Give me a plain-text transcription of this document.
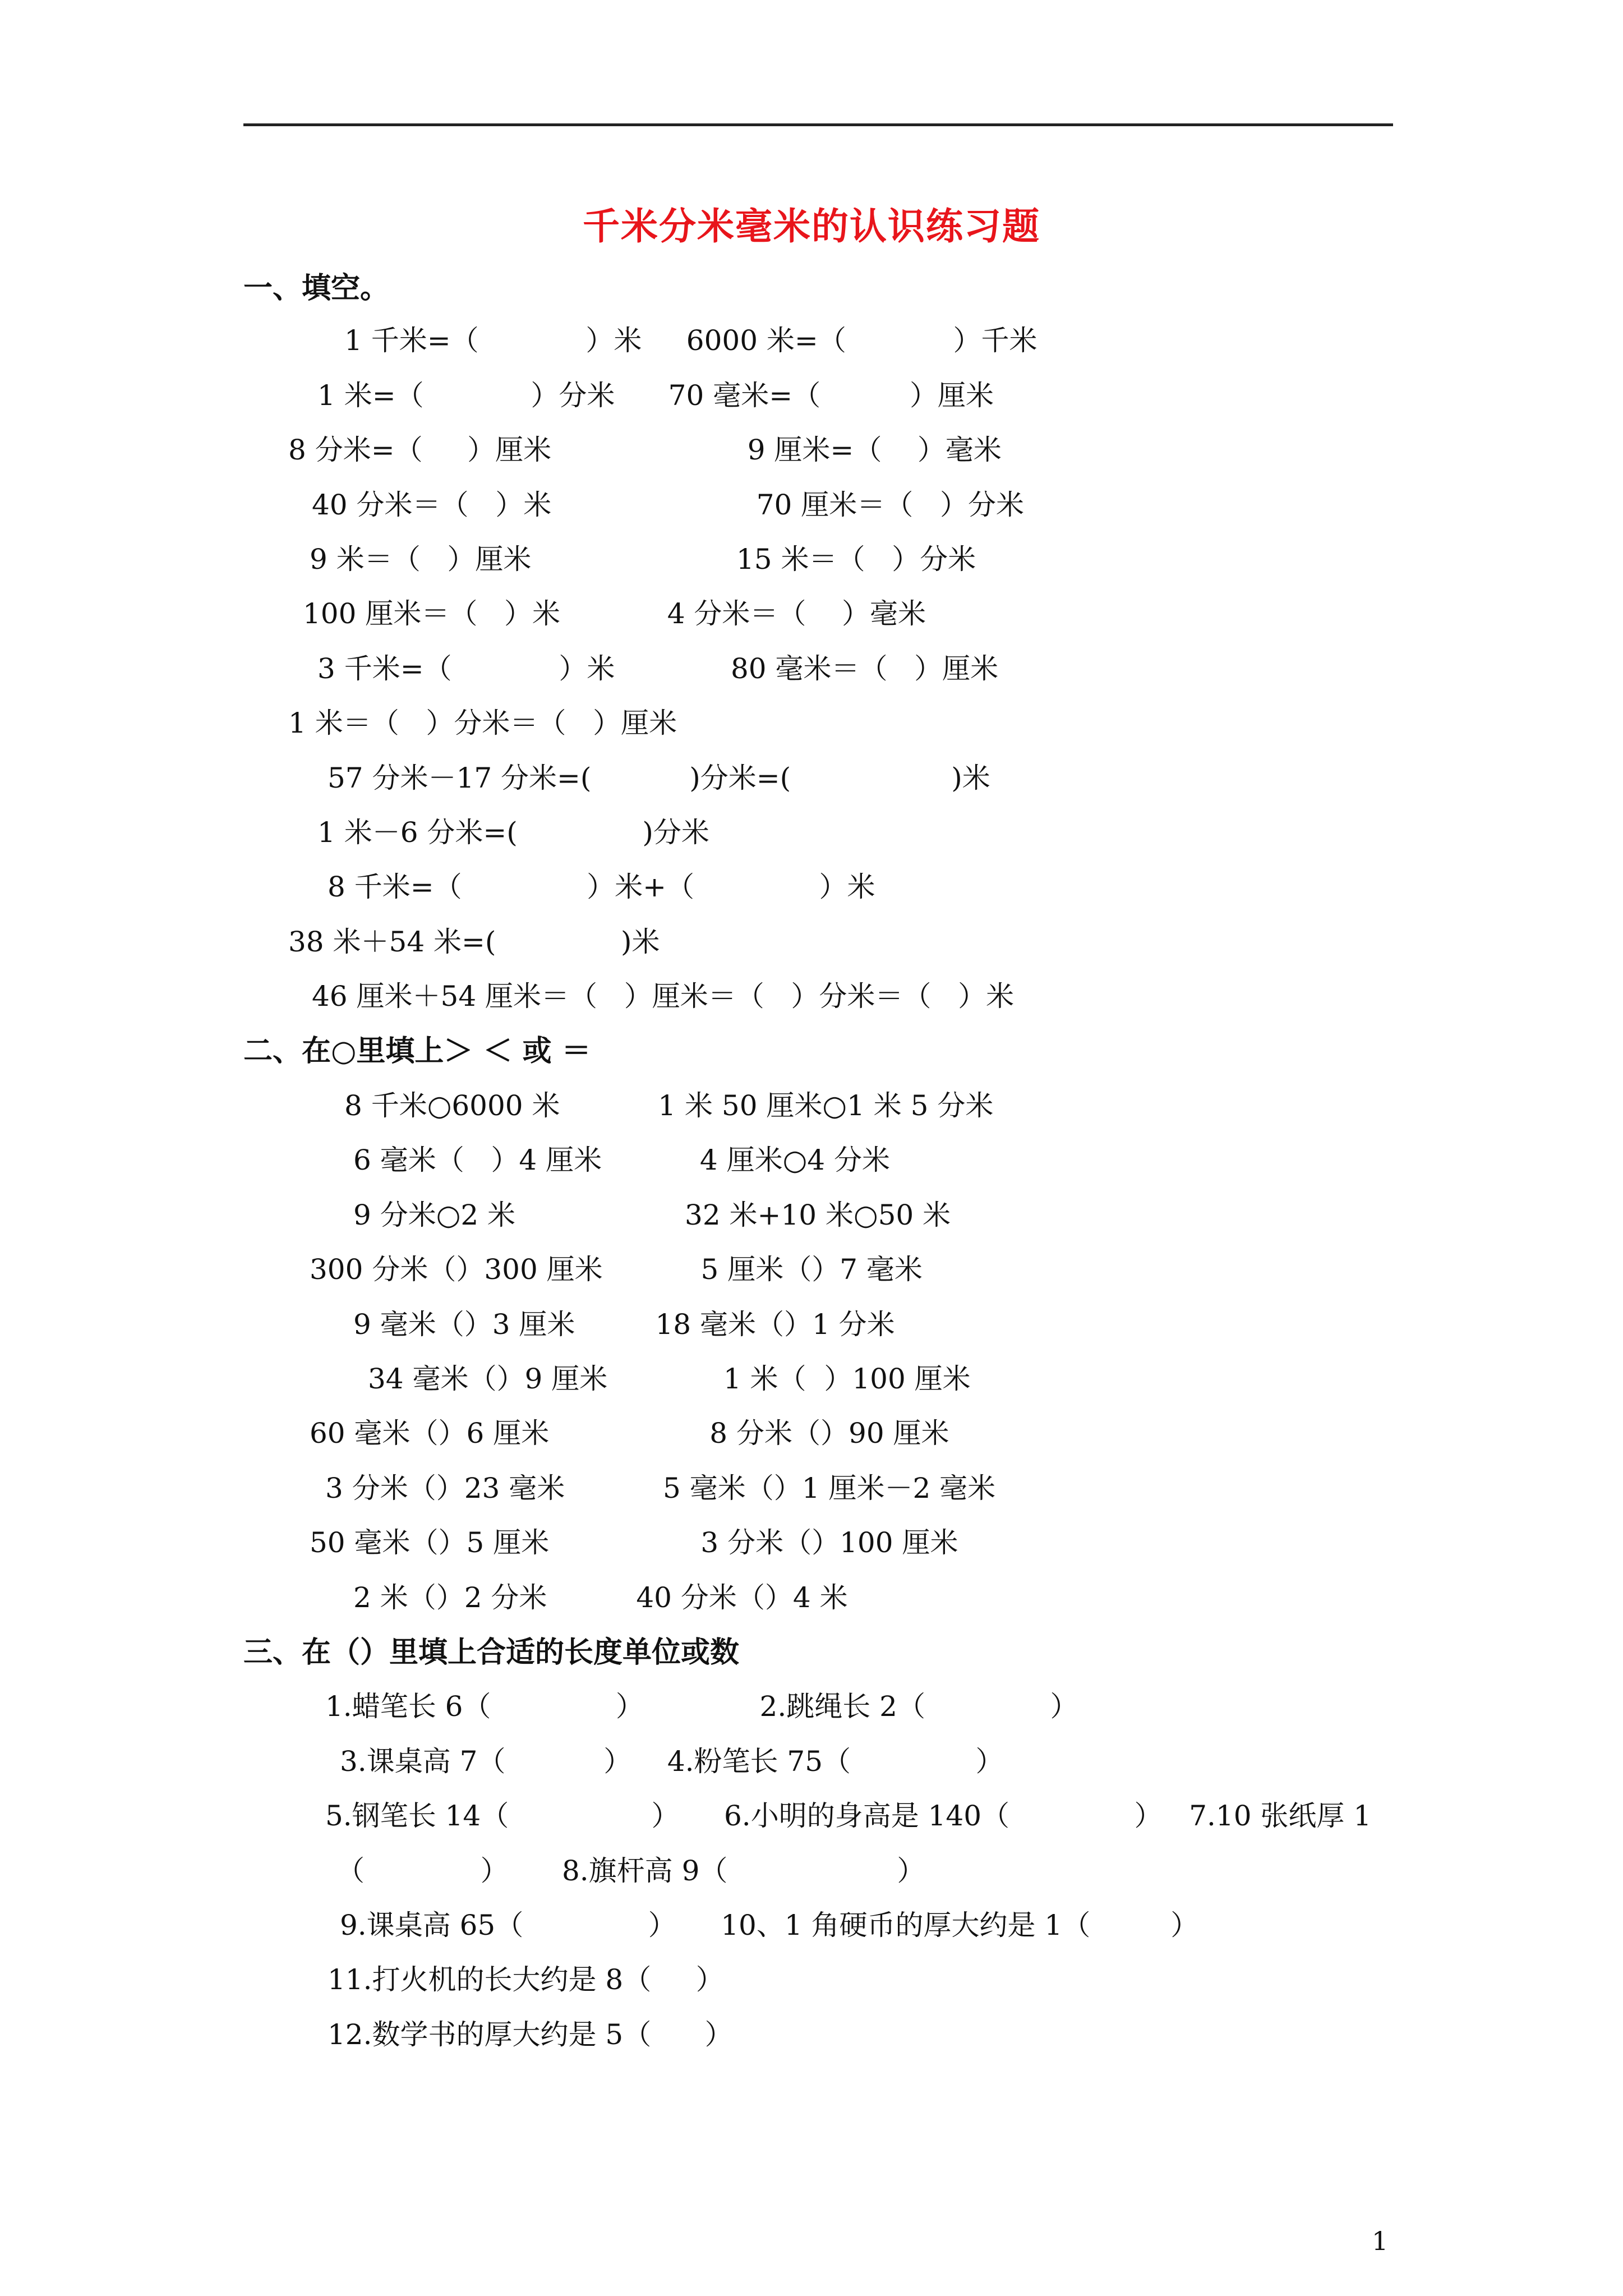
千米分米毫米的认识练习题
一、填空。
1 千米=（            ）米     6000 米=（            ）千米
1 米=（            ）分米      70 毫米=（          ）厘米
8 分米=（     ）厘米                      9 厘米=（    ）毫米
40 分米＝（   ）米                       70 厘米＝（   ）分米
9 米＝（   ）厘米                       15 米＝（   ）分米
100 厘米＝（   ）米            4 分米＝（    ）毫米
3 千米=（            ）米             80 毫米＝（   ）厘米
1 米＝（   ）分米＝（   ）厘米
57 分米－17 分米=(           )分米=(                  )米
1 米－6 分米=(              )分米
8 千米=（              ）米+（              ）米
38 米＋54 米=(              )米
46 厘米＋54 厘米＝（   ）厘米＝（   ）分米＝（   ）米
二、在○里填上＞ ＜ 或 ＝
8 千米○6000 米           1 米 50 厘米○1 米 5 分米
6 毫米（   ）4 厘米           4 厘米○4 分米
9 分米○2 米                   32 米+10 米○50 米
300 分米（）300 厘米           5 厘米（）7 毫米
9 毫米（）3 厘米         18 毫米（）1 分米
34 毫米（）9 厘米             1 米（  ）100 厘米
60 毫米（）6 厘米                  8 分米（）90 厘米
3 分米（）23 毫米           5 毫米（）1 厘米－2 毫米
50 毫米（）5 厘米                 3 分米（）100 厘米
2 米（）2 分米          40 分米（）4 米
三、在（）里填上合适的长度单位或数
1.蜡笔长 6（              ）             2.跳绳长 2（              ）
3.课桌高 7（           ）    4.粉笔长 75（              ）
5.钢笔长 14（                ）     6.小明的身高是 140（              ）   7.10 张纸厚 1
（             ）      8.旗杆高 9（                   ）
9.课桌高 65（              ）     10、1 角硬币的厚大约是 1（         ）
11.打火机的长大约是 8（     ）
12.数学书的厚大约是 5（      ）
1
